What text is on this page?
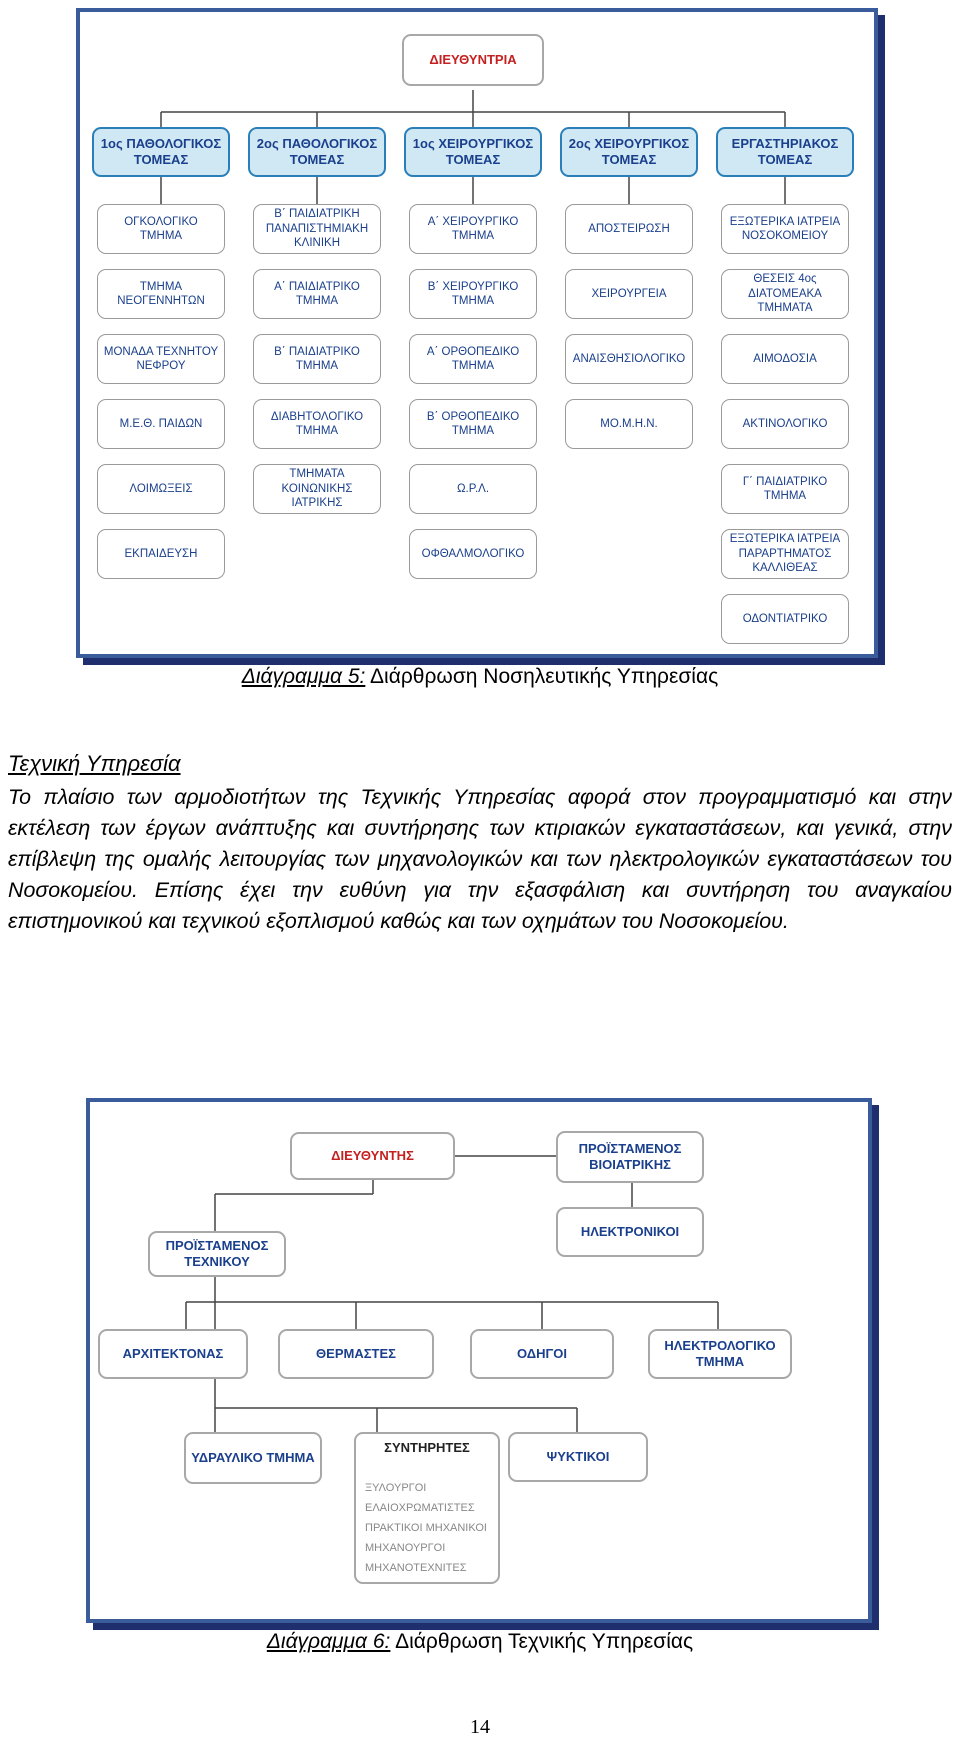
ΔΙΕΥΘΥΝΤΡΙΑ
1ος ΠΑΘΟΛΟΓΙΚΟΣ ΤΟΜΕΑΣ
2ος ΠΑΘΟΛΟΓΙΚΟΣ ΤΟΜΕΑΣ
1ος ΧΕΙΡΟΥΡΓΙΚΟΣ ΤΟΜΕΑΣ
2ος ΧΕΙΡΟΥΡΓΙΚΟΣ ΤΟΜΕΑΣ
ΕΡΓΑΣΤΗΡΙΑΚΟΣ ΤΟΜΕΑΣ
ΟΓΚΟΛΟΓΙΚΟ ΤΜΗΜΑ
ΤΜΗΜΑ ΝΕΟΓΕΝΝΗΤΩΝ
ΜΟΝΑΔΑ ΤΕΧΝΗΤΟΥ ΝΕΦΡΟΥ
Μ.Ε.Θ. ΠΑΙΔΩΝ
ΛΟΙΜΩΞΕΙΣ
ΕΚΠΑΙΔΕΥΣΗ
Β΄ ΠΑΙΔΙΑΤΡΙΚΗ ΠΑΝΑΠΙΣΤΗΜΙΑΚΗ ΚΛΙΝΙΚΗ
Α΄ ΠΑΙΔΙΑΤΡΙΚΟ ΤΜΗΜΑ
Β΄ ΠΑΙΔΙΑΤΡΙΚΟ ΤΜΗΜΑ
ΔΙΑΒΗΤΟΛΟΓΙΚΟ ΤΜΗΜΑ
ΤΜΗΜΑΤΑ ΚΟΙΝΩΝΙΚΗΣ ΙΑΤΡΙΚΗΣ
Α΄ ΧΕΙΡΟΥΡΓΙΚΟ ΤΜΗΜΑ
Β΄ ΧΕΙΡΟΥΡΓΙΚΟ ΤΜΗΜΑ
Α΄ ΟΡΘΟΠΕΔΙΚΟ ΤΜΗΜΑ
Β΄ ΟΡΘΟΠΕΔΙΚΟ ΤΜΗΜΑ
Ω.Ρ.Λ.
ΟΦΘΑΛΜΟΛΟΓΙΚΟ
ΑΠΟΣΤΕΙΡΩΣΗ
ΧΕΙΡΟΥΡΓΕΙΑ
ΑΝΑΙΣΘΗΣΙΟΛΟΓΙΚΟ
ΜΟ.Μ.Η.Ν.
ΕΞΩΤΕΡΙΚΑ ΙΑΤΡΕΙΑ ΝΟΣΟΚΟΜΕΙΟΥ
ΘΕΣΕΙΣ 4ος ΔΙΑΤΟΜΕΑΚΑ ΤΜΗΜΑΤΑ
ΑΙΜΟΔΟΣΙΑ
ΑΚΤΙΝΟΛΟΓΙΚΟ
Γ΄ ΠΑΙΔΙΑΤΡΙΚΟ ΤΜΗΜΑ
ΕΞΩΤΕΡΙΚΑ ΙΑΤΡΕΙΑ ΠΑΡΑΡΤΗΜΑΤΟΣ ΚΑΛΛΙΘΕΑΣ
ΟΔΟΝΤΙΑΤΡΙΚΟ
Διάγραμμα 5: Διάρθρωση Νοσηλευτικής Υπηρεσίας
Τεχνική Υπηρεσία

Το πλαίσιο των αρμοδιοτήτων της Τεχνικής Υπηρεσίας αφορά στον προγραμματισμό και στην εκτέλεση των έργων ανάπτυξης και συντήρησης των κτιριακών εγκαταστάσεων, και γενικά, στην επίβλεψη της ομαλής λειτουργίας των μηχανολογικών και των ηλεκτρολογικών εγκαταστάσεων του Νοσοκομείου. Επίσης έχει την ευθύνη για την εξασφάλιση και συντήρηση του αναγκαίου επιστημονικού και τεχνικού εξοπλισμού καθώς και των οχημάτων του Νοσοκομείου.

ΔΙΕΥΘΥΝΤΗΣ	ΠΡΟΪΣΤΑΜΕΝΟΣ ΒΙΟΙΑΤΡΙΚΗΣ
ΗΛΕΚΤΡΟΝΙΚΟΙ
ΠΡΟΪΣΤΑΜΕΝΟΣ ΤΕΧΝΙΚΟΥ
ΑΡΧΙΤΕΚΤΟΝΑΣ	ΘΕΡΜΑΣΤΕΣ	ΟΔΗΓΟΙ
ΗΛΕΚΤΡΟΛΟΓΙΚΟ ΤΜΗΜΑ
ΥΔΡΑΥΛΙΚΟ ΤΜΗΜΑ
ΣΥΝΤΗΡΗΤΕΣ
ΨΥΚΤΙΚΟΙ
ΞΥΛΟΥΡΓΟΙ
ΕΛΑΙΟΧΡΩΜΑΤΙΣΤΕΣ
ΠΡΑΚΤΙΚΟΙ ΜΗΧΑΝΙΚΟΙ
ΜΗΧΑΝΟΥΡΓΟΙ
ΜΗΧΑΝΟΤΕΧΝΙΤΕΣ
Διάγραμμα 6: Διάρθρωση Τεχνικής Υπηρεσίας
14
